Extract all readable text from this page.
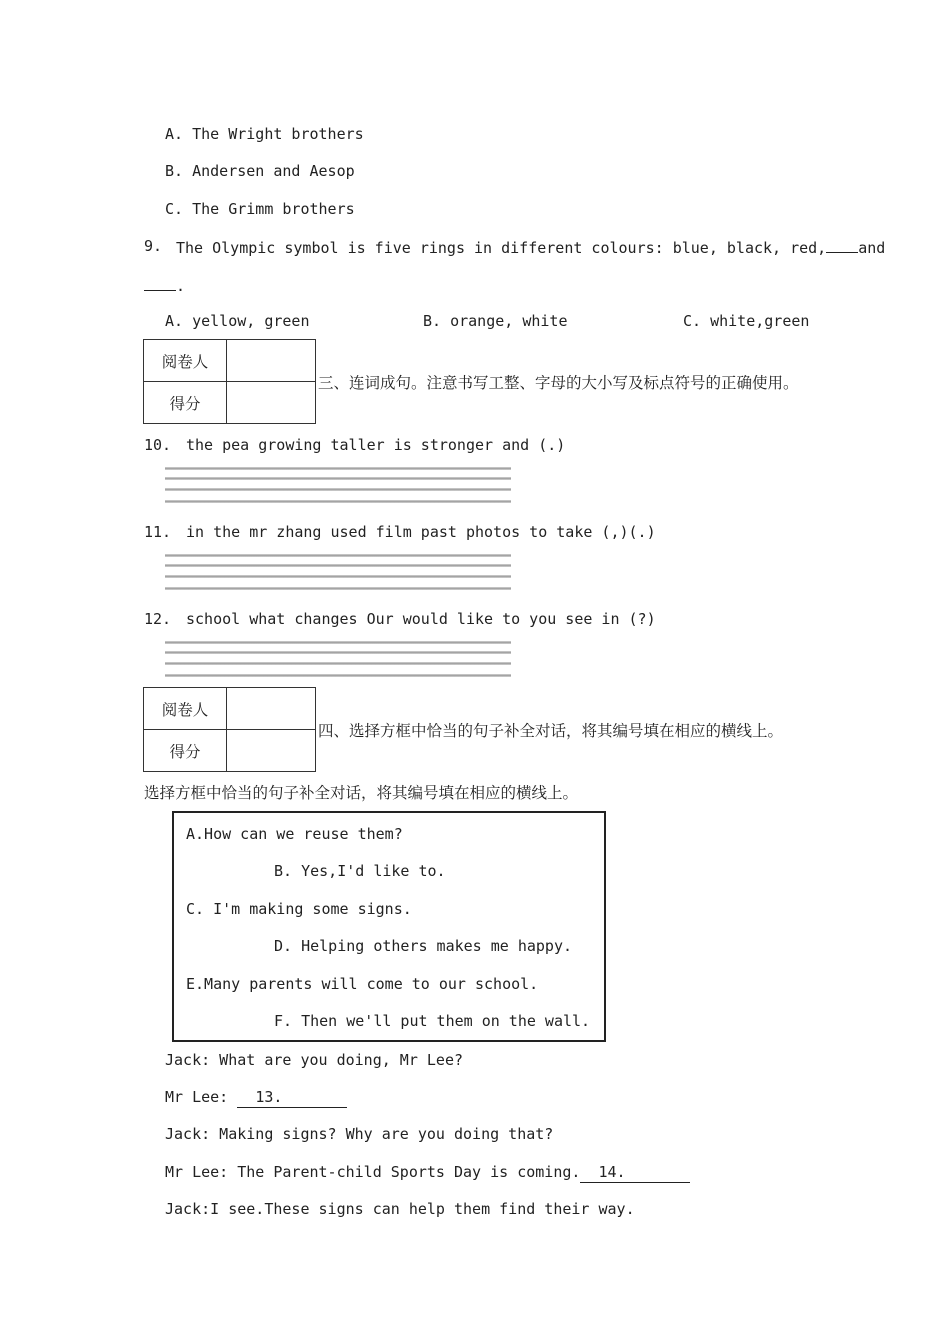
A. The Wright brothers
B. Andersen and Aesop
C. The Grimm brothers
9. The Olympic symbol is five rings in different colours: blue, black, red, and
.
A. yellow, green	B. orange, white	C. white,green
阅卷人	
得分	
三、连词成句。注意书写工整、字母的大小写及标点符号的正确使用。
10. the pea growing taller is stronger and (.)
11. in the mr zhang used film past photos to take (,)(.)
12. school what changes Our would like to you see in (?)
阅卷人	
得分	
四、选择方框中恰当的句子补全对话，将其编号填在相应的横线上。
选择方框中恰当的句子补全对话，将其编号填在相应的横线上。
A.How can we reuse them?
B. Yes,I'd like to.
C. I'm making some signs.
D. Helping others makes me happy.
E.Many parents will come to our school.
F. Then we'll put them on the wall.
Jack: What are you doing, Mr Lee?
Mr Lee:   13.
Jack: Making signs? Why are you doing that?
Mr Lee: The Parent-child Sports Day is coming. 14.
Jack:I see.These signs can help them find their way.
